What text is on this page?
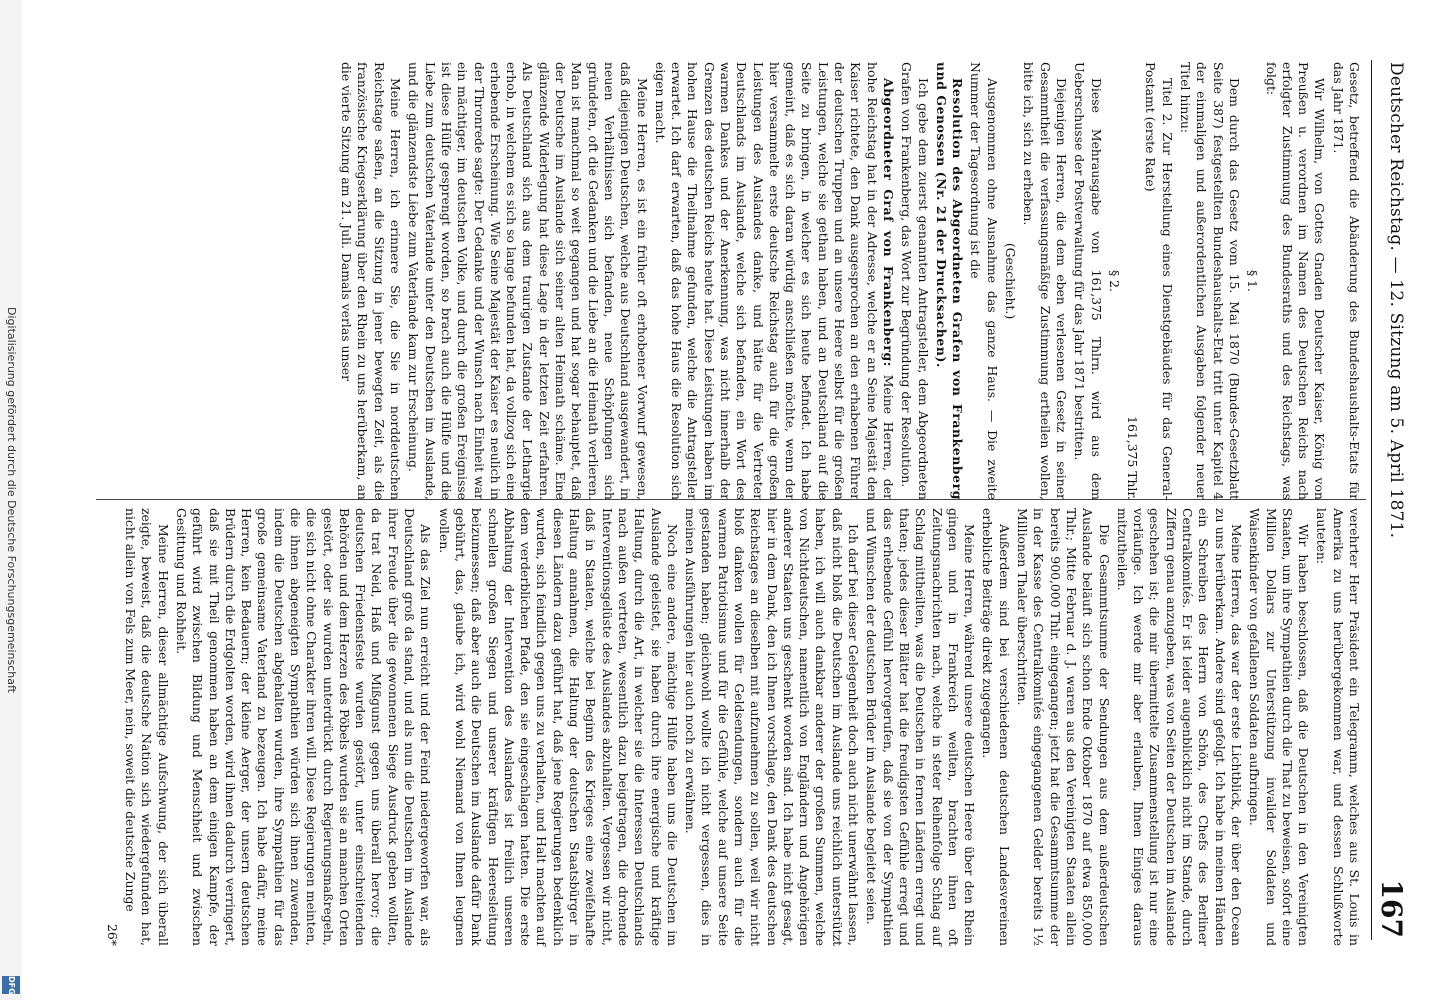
Deutscher Reichstag. — 12. Sitzung am 5. April 1871.
167

Gesetz, betreffend die Abänderung des Bundeshaushalts-Etats für das Jahr 1871.

Wir Wilhelm, von Gottes Gnaden Deutscher Kaiser, König von Preußen u. verordnen im Namen des Deutschen Reichs nach erfolgter Zustimmung des Bundesraths und des Reichstags, was folgt:

§ 1.

Dem durch das Gesetz vom 15. Mai 1870 (Bundes-Gesetzblatt Seite 387) festgestellten Bundeshaushalts-Etat tritt unter Kapitel 4 der einmaligen und außerordentlichen Ausgaben folgender neuer Titel hinzu:

Titel 2. Zur Herstellung eines Dienstgebäudes für das General-Postamt (erste Rate)

161,375 Thlr.

§ 2.

Diese Mehrausgabe von 161,375 Thlrn. wird aus dem Ueberschusse der Postverwaltung für das Jahr 1871 bestritten.

Diejenigen Herren, die dem eben verlesenen Gesetz in seiner Gesammtheit die verfassungsmäßige Zustimmung ertheilen wollen, bitte ich, sich zu erheben.

(Geschieht.)

Ausgenommen ohne Ausnahme das ganze Haus. — Die zweite Nummer der Tagesordnung ist die

Resolution des Abgeordneten Grafen von Frankenberg und Genossen (Nr. 21 der Drucksachen).

Ich gebe dem zuerst genannten Antragsteller, dem Abgeordneten Grafen von Frankenberg, das Wort zur Begründung der Resolution.

Abgeordneter Graf von Frankenberg: Meine Herren, der hohe Reichstag hat in der Adresse, welche er an Seine Majestät den Kaiser richtete, den Dank ausgesprochen an den erhabenen Führer der deutschen Truppen und an unsere Heere selbst für die großen Leistungen, welche sie gethan haben, und an Deutschland auf die Seite zu bringen, in welcher es sich heute befindet. Ich habe gemeint, daß es sich daran würdig anschließen möchte, wenn der hier versammelte erste deutsche Reichstag auch für die großen Leistungen des Auslandes danke, und hätte für die Vertreter Deutschlands im Auslande, welche sich befanden, ein Wort des warmen Dankes und der Anerkennung, was nicht innerhalb der Grenzen des deutschen Reichs heute hat. Diese Leistungen haben im hohen Hause die Theilnahme gefunden, welche die Antragsteller erwartet. Ich darf erwarten, daß das hohe Haus die Resolution sich eigen macht.

Meine Herren, es ist ein früher oft erhobener Vorwurf gewesen, daß diejenigen Deutschen, welche aus Deutschland ausgewandert, in neuen Verhältnissen sich befanden, neue Schöpfungen sich gründeten, oft die Gedanken und die Liebe an die Heimath verlieren. Man ist manchmal so weit gegangen und hat sogar behauptet, daß der Deutsche im Auslande sich seiner alten Heimath schäme. Eine glänzende Widerlegung hat diese Lage in der letzten Zeit erfahren. Als Deutschland sich aus dem traurigen Zustande der Lethargie erhob, in welchem es sich so lange befunden hat, da vollzog sich eine erhebende Erscheinung. Wie Seine Majestät der Kaiser es neulich in der Thronrede sagte: Der Gedanke und der Wunsch nach Einheit war ein mächtiger, im deutschen Volke, und durch die großen Ereignisse ist diese Hülfe gesprengt worden, so brach auch die Hülfe und die Liebe zum deutschen Vaterlande unter den Deutschen im Auslande, und die glänzendste Liebe zum Vaterlande kam zur Erscheinung.

Meine Herren, ich erinnere Sie, die Sie in norddeutschen Reichstage saßen, an die Sitzung in jener bewegten Zeit, als die französische Kriegserklärung über den Rhein zu uns herüberkam, an die vierte Sitzung am 21. Juli. Damals verlas unser

verehrter Herr Präsident ein Telegramm, welches aus St. Louis in Amerika zu uns herübergekommen war, und dessen Schlußworte lauteten:

Wir haben beschlossen, daß die Deutschen in den Vereinigten Staaten, um ihre Sympathien durch die That zu beweisen, sofort eine Million Dollars zur Unterstützung invalider Soldaten und Waisenkinder von gefallenen Soldaten aufbringen.

Meine Herren, das war der erste Lichtblick, der über den Ocean zu uns herüberkam. Andere sind gefolgt. Ich habe in meinen Händen ein Schreiben des Herrn von Schön, des Chefs des Berliner Centralkomités. Er ist leider augenblicklich nicht im Stande, durch Ziffern genau anzugeben, was von Seiten der Deutschen im Auslande geschehen ist; die mir übermittelte Zusammenstellung ist nur eine vorläufige. Ich werde mir aber erlauben, Ihnen Einiges daraus mitzutheilen.

Die Gesammtsumme der Sendungen aus dem außerdeutschen Auslande beläuft sich schon Ende Oktober 1870 auf etwa 850,000 Thlr.; Mitte Februar d. J. waren aus den Vereinigten Staaten allein bereits 900,000 Thlr. eingegangen; jetzt hat die Gesammtsumme der in der Kasse des Centralkomités eingegangenen Gelder bereits 1½ Millionen Thaler überschritten.

Außerdem sind bei verschiedenen deutschen Landesvereinen erhebliche Beiträge direkt zugegangen.

Meine Herren, während unsere deutschen Heere über den Rhein gingen und in Frankreich weilten, brachten ihnen oft Zeitungsnachrichten nach, welche in steter Reihenfolge Schlag auf Schlag mittheilten, was die Deutschen in fernen Ländern erregt und thaten; jedes dieser Blätter hat die freudigsten Gefühle erregt und das erhebende Gefühl hervorgerufen, daß sie von der Sympathien und Wünschen der deutschen Brüder im Auslande begleitet seien.

Ich darf bei dieser Gelegenheit doch auch nicht unerwähnt lassen, daß nicht bloß die Deutschen im Auslande uns reichlich unterstützt haben, ich will auch dankbar anderer der großen Summen, welche von Nichtdeutschen, namentlich von Engländern und Angehörigen anderer Staaten uns geschenkt worden sind. Ich habe nicht gesagt, hier in dem Dank, den ich Ihnen vorschlage, den Dank des deutschen Reichstages an dieselben mit aufzunehmen zu sollen, weil wir nicht bloß danken wollen für Geldsendungen, sondern auch für die warmen Patriotismus und für die Gefühle, welche auf unsere Seite gestanden haben; gleichwohl wollte ich nicht vergessen, dies in meinen Ausführungen hier auch noch zu erwähnen.

Noch eine andere, mächtige Hülfe haben uns die Deutschen im Auslande geleistet, sie haben durch ihre energische und kräftige Haltung, durch die Art, in welcher sie die Interessen Deutschlands nach außen vertreten, wesentlich dazu beigetragen, die drohende Interventionsgelüste des Auslandes abzuhalten. Vergessen wir nicht, daß in Staaten, welche bei Beginn des Krieges eine zweifelhafte Haltung annahmen, die Haltung der deutschen Staatsbürger in diesen Ländern dazu geführt hat, daß jene Regierungen bedenklich wurden, sich feindlich gegen uns zu verhalten, und Halt machten auf dem verderblichen Pfade, den sie eingeschlagen hatten. Die erste Abhaltung der Intervention des Auslandes ist freilich unseren schnellen großen Siegen und unserer kräftigen Heeresleitung beizumessen; daß aber auch die Deutschen im Auslande dafür Dank gebührt, das, glaube ich, wird wohl Niemand von Ihnen leugnen wollen.

Als das Ziel nun erreicht und der Feind niedergeworfen war, als Deutschland groß da stand, und als nun die Deutschen im Auslande ihrer Freude über die gewonnenen Siege Ausdruck geben wollten, da trat Neid, Haß und Mißgunst gegen uns überall hervor; die deutschen Friedensfeste wurden gestört, unter einschreitenden Behörden und dem Herzen des Pöbels wurden sie an manchen Orten gestört, oder sie wurden unterdrückt durch Regierungsmaßregeln, die sich nicht ohne Charakter ihren will. Diese Regierungen meinten, die ihnen abgeneigten Sympathien würden sich ihnen zuwenden, indem die Deutschen abgehalten wurden, ihre Sympathien für das große gemeinsame Vaterland zu bezeugen. Ich habe dafür, meine Herren, kein Bedauern; der kleine Aerger, der unsern deutschen Brüdern durch die Erdgolten worden, wird ihnen dadurch verringert, daß sie mit Theil genommen haben an dem einigen Kampfe, der geführt wird zwischen Bildung und Menschheit und zwischen Gesittung und Rohheit.

Meine Herren, dieser allmächtige Aufschwung, der sich überall zeigte, beweist, daß die deutsche Nation sich wiedergefunden hat, nicht allein von Fels zum Meer, nein, soweit die deutsche Zunge

26*

Digitalisierung gefördert durch die Deutsche Forschungsgemeinschaft
DFG
